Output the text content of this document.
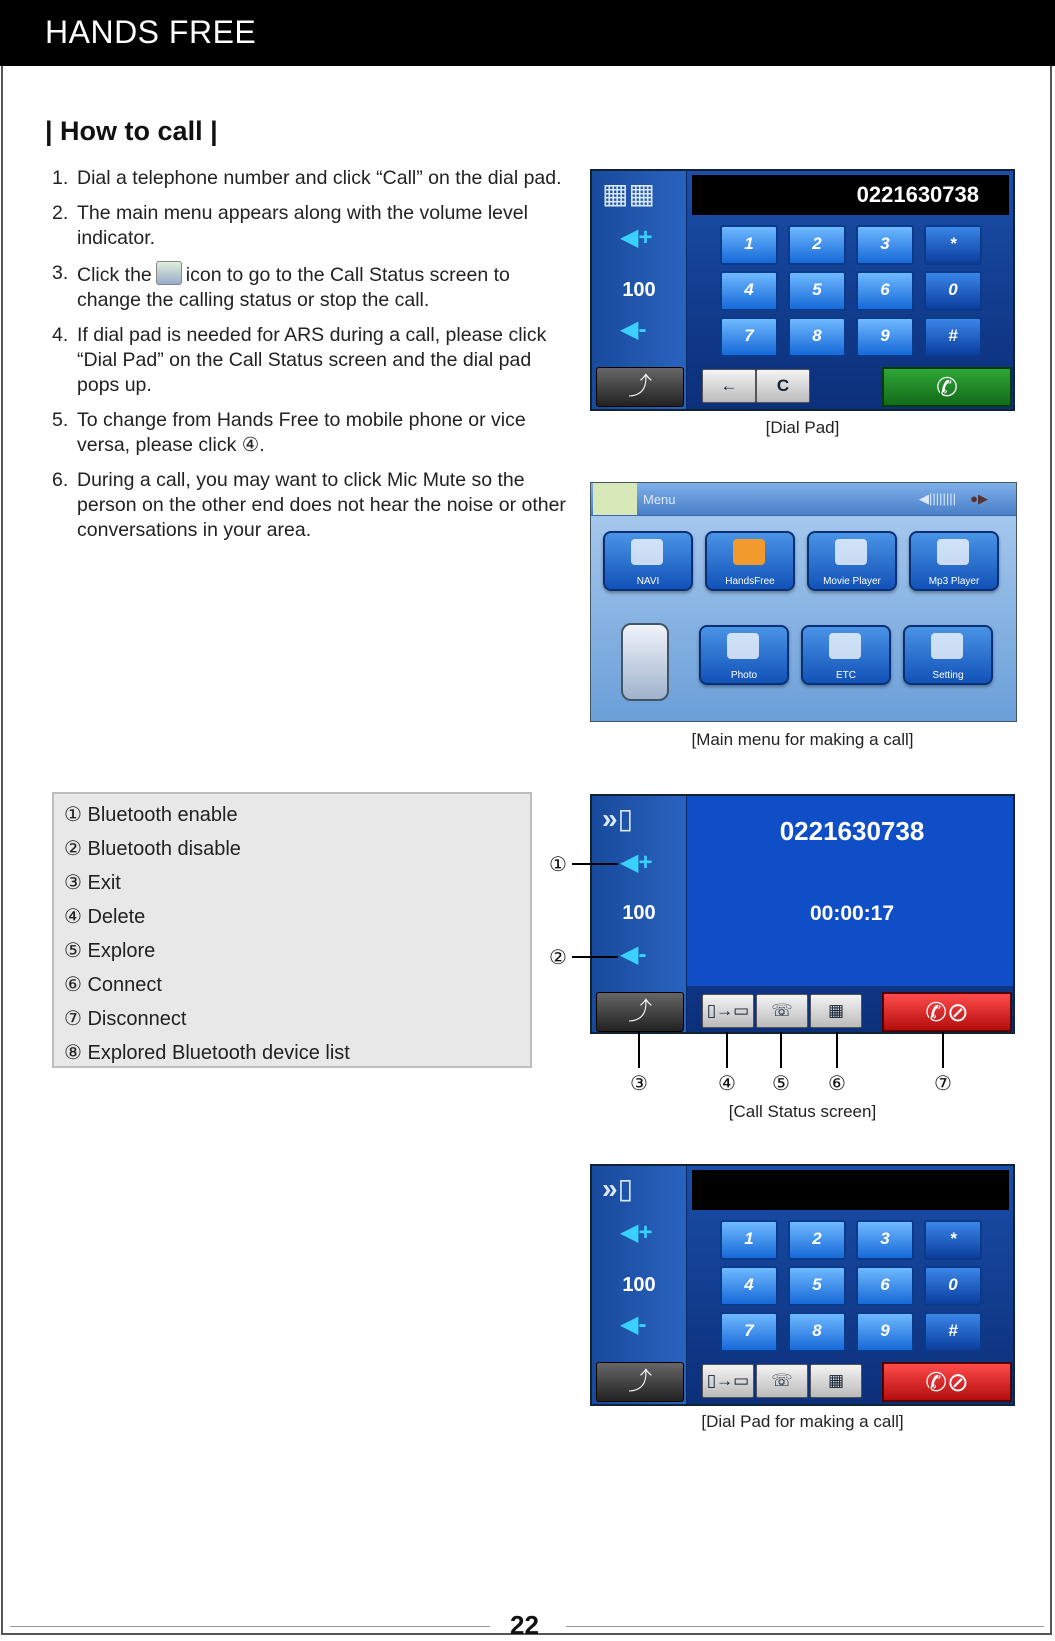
HANDS FREE
| How to call |
1. Dial a telephone number and click “Call” on the dial pad.
2. The main menu appears along with the volume level indicator.
3. Click the icon to go to the Call Status screen to change the calling status or stop the call.
4. If dial pad is needed for ARS during a call, please click “Dial Pad” on the Call Status screen and the dial pad pops up.
5. To change from Hands Free to mobile phone or vice versa, please click ④.
6. During a call, you may want to click Mic Mute so the person on the other end does not hear the noise or other conversations in your area.
▦▦
◀+
100
◀-
⤴
0221630738
1	2	3	*
4	5	6	0
7	8	9	#
←	C	✆
[Dial Pad]
Menu	◀|||||||| ●▶
NAVI	HandsFree	Movie Player	Mp3 Player
Photo	ETC	Setting
[Main menu for making a call]
① Bluetooth enable
② Bluetooth disable
③ Exit
④ Delete
⑤ Explore
⑥ Connect
⑦ Disconnect
⑧ Explored Bluetooth device list
»▯
◀+
100
◀-
⤴
0221630738
00:00:17
▯→▭	☏	▦	✆⊘
①
②
③	④ ⑤ ⑥	⑦
[Call Status screen]
»▯
◀+
100
◀-
⤴
1	2	3	*
4	5	6	0
7	8	9	#
▯→▭	☏	▦	✆⊘
[Dial Pad for making a call]
22
